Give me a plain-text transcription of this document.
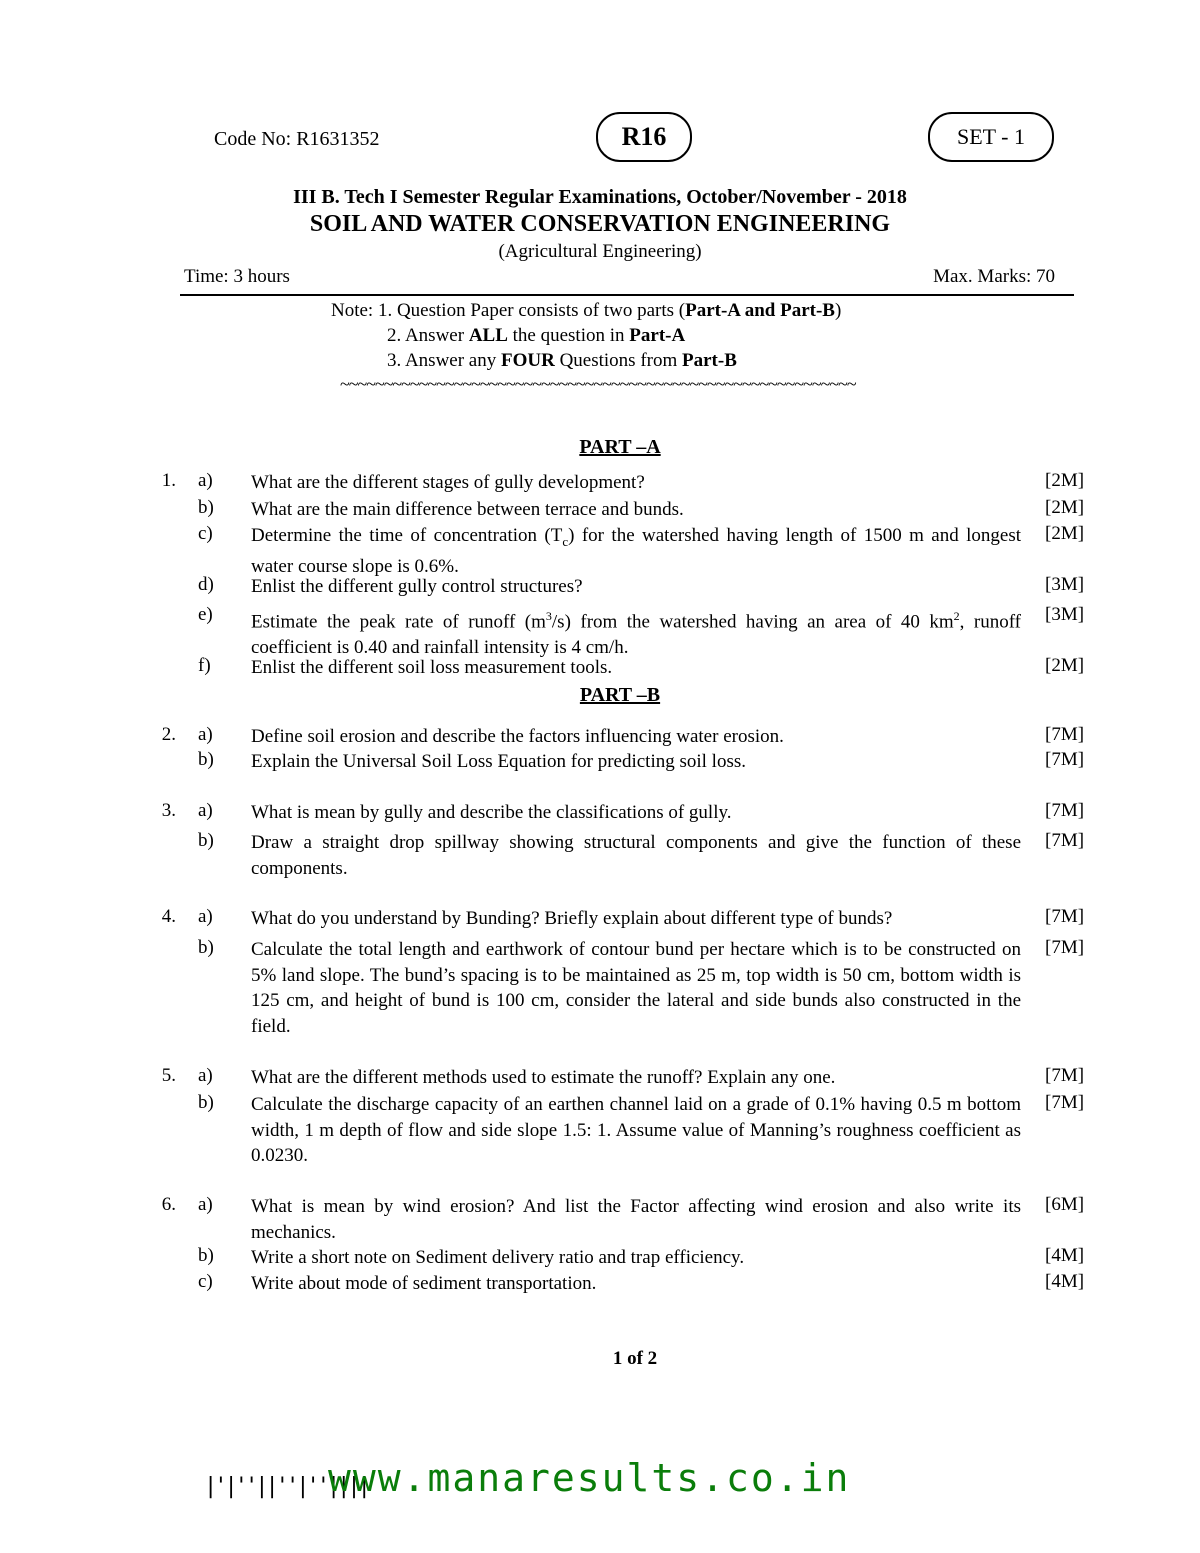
Code No: R1631352	R16	SET - 1
III B. Tech I Semester Regular Examinations, October/November - 2018
SOIL AND WATER CONSERVATION ENGINEERING
(Agricultural Engineering)
Time: 3 hours	Max. Marks: 70
Note: 1. Question Paper consists of two parts (Part-A and Part-B)
2. Answer ALL the question in Part-A
3. Answer any FOUR Questions from Part-B
~~~~~~~~~~~~~~~~~~~~~~~~~~~~~~~~~~~~~~~~~~~~~~~~~~~~~~~~~~~
PART –A
1. a) What are the different stages of gully development?	[2M]
b) What are the main difference between terrace and bunds.	[2M]
c) Determine the time of concentration $(T_c)$ for the watershed having length of 1500 m and longest water course slope is 0.6%.
[2M]
d) Enlist the different gully control structures?	[3M]
e) Estimate the peak rate of runoff $(m^3/s)$ from the watershed having an area of 40 $km^2$, runoff coefficient is 0.40 and rainfall intensity is 4 cm/h.
[3M]
f) Enlist the different soil loss measurement tools.	[2M]
PART –B
2. a) Define soil erosion and describe the factors influencing water erosion.	[7M]
b) Explain the Universal Soil Loss Equation for predicting soil loss.	[7M]
3. a) What is mean by gully and describe the classifications of gully.	[7M]
b) Draw a straight drop spillway showing structural components and give the function of these components.
[7M]
4. a) What do you understand by Bunding? Briefly explain about different type of bunds?	[7M]
b) Calculate the total length and earthwork of contour bund per hectare which is to be constructed on 5% land slope. The bund’s spacing is to be maintained as 25 m, top width is 50 cm, bottom width is 125 cm, and height of bund is 100 cm, consider the lateral and side bunds also constructed in the field.
[7M]
5. a) What are the different methods used to estimate the runoff? Explain any one.	[7M]
b) Calculate the discharge capacity of an earthen channel laid on a grade of 0.1% having 0.5 m bottom width, 1 m depth of flow and side slope 1.5: 1. Assume value of Manning’s roughness coefficient as 0.0230.
[7M]
6. a) What is mean by wind erosion? And list the Factor affecting wind erosion and also write its mechanics.
[6M]
b) Write a short note on Sediment delivery ratio and trap efficiency.	[4M]
c) Write about mode of sediment transportation.	[4M]
1 of 2
|'|''||''|''||||
www.manaresults.co.in
